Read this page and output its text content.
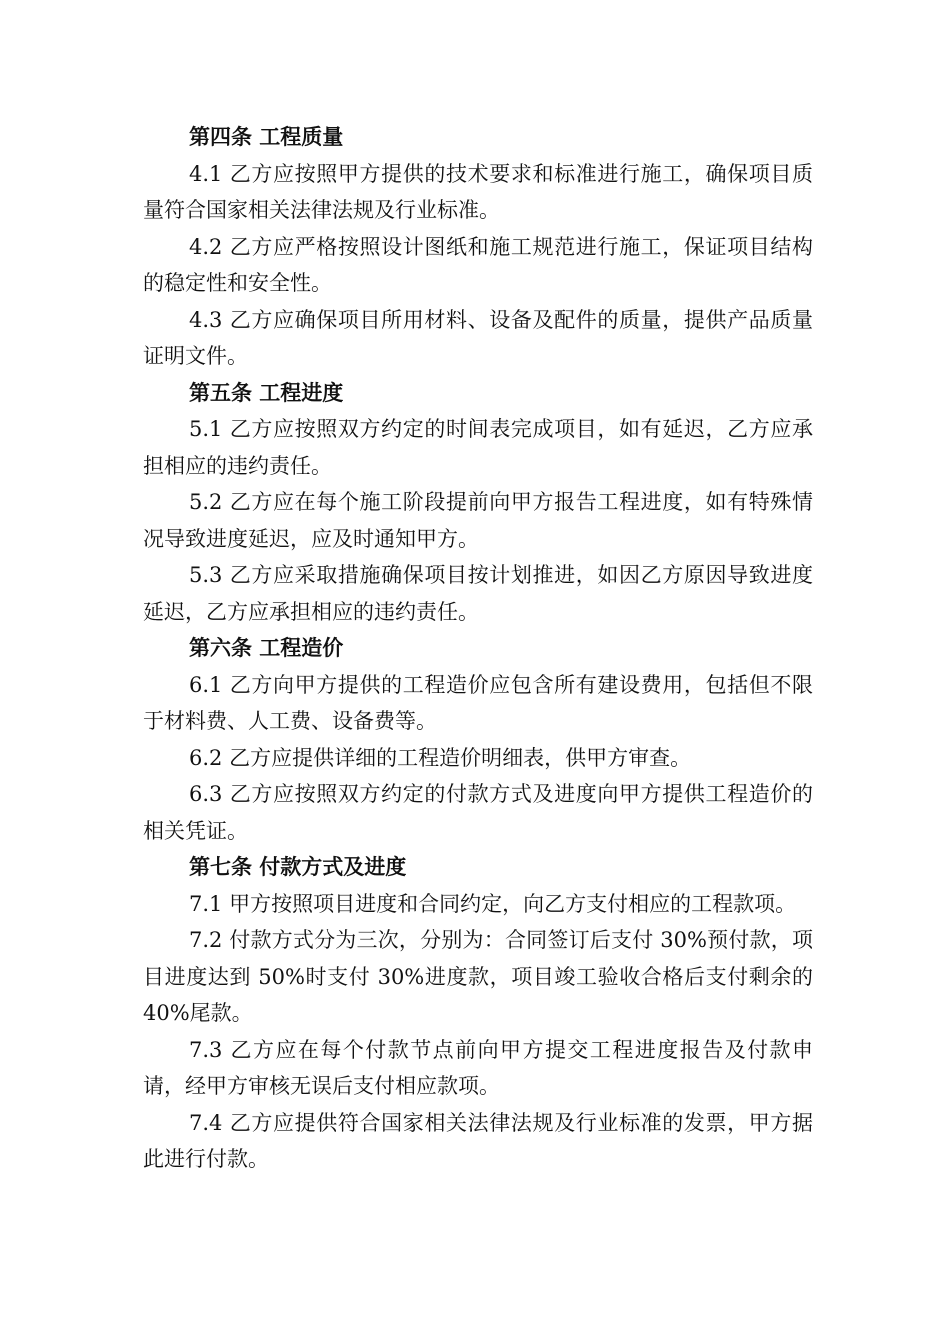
第四条 工程质量

4.1 乙方应按照甲方提供的技术要求和标准进行施工，确保项目质量符合国家相关法律法规及行业标准。

4.2 乙方应严格按照设计图纸和施工规范进行施工，保证项目结构的稳定性和安全性。

4.3 乙方应确保项目所用材料、设备及配件的质量，提供产品质量证明文件。

第五条 工程进度

5.1 乙方应按照双方约定的时间表完成项目，如有延迟，乙方应承担相应的违约责任。

5.2 乙方应在每个施工阶段提前向甲方报告工程进度，如有特殊情况导致进度延迟，应及时通知甲方。

5.3 乙方应采取措施确保项目按计划推进，如因乙方原因导致进度延迟，乙方应承担相应的违约责任。

第六条 工程造价

6.1 乙方向甲方提供的工程造价应包含所有建设费用，包括但不限于材料费、人工费、设备费等。

6.2 乙方应提供详细的工程造价明细表，供甲方审查。

6.3 乙方应按照双方约定的付款方式及进度向甲方提供工程造价的相关凭证。

第七条 付款方式及进度

7.1 甲方按照项目进度和合同约定，向乙方支付相应的工程款项。

7.2 付款方式分为三次，分别为：合同签订后支付 30%预付款，项目进度达到 50%时支付 30%进度款，项目竣工验收合格后支付剩余的 40%尾款。

7.3 乙方应在每个付款节点前向甲方提交工程进度报告及付款申请，经甲方审核无误后支付相应款项。

7.4 乙方应提供符合国家相关法律法规及行业标准的发票，甲方据此进行付款。
